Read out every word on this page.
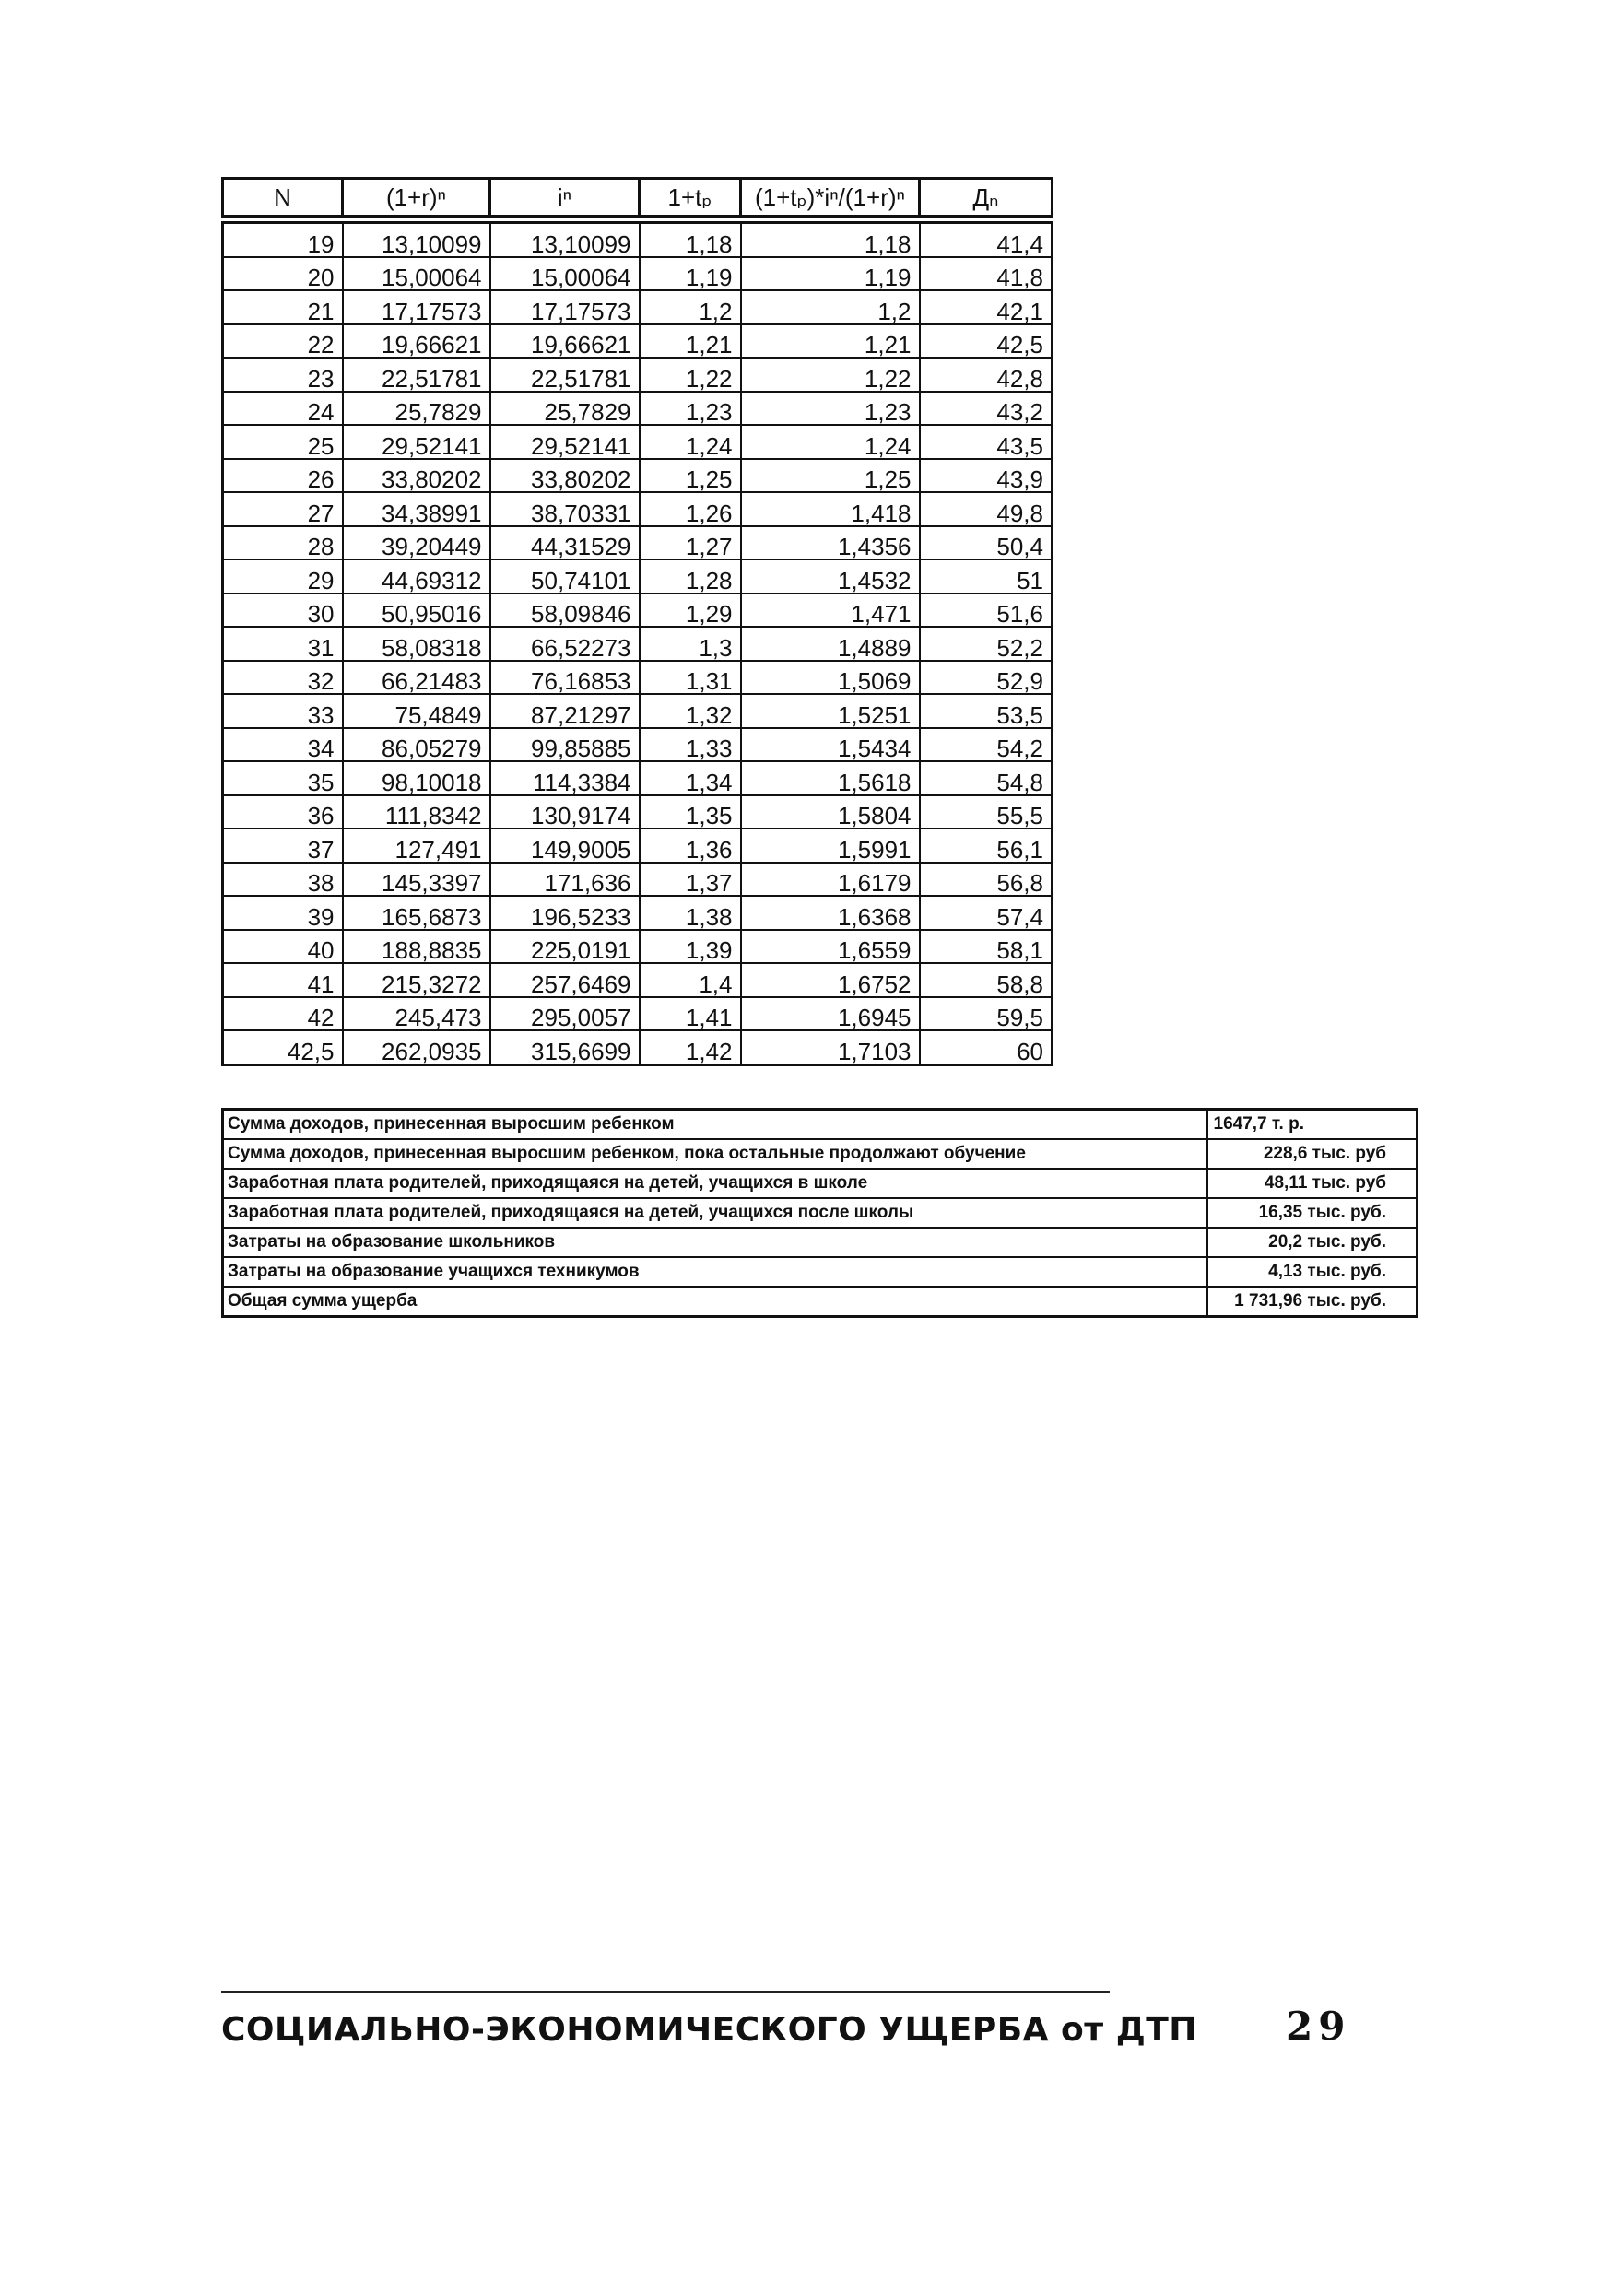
N	(1+r)ⁿ	iⁿ	1+tₚ	(1+tₚ)*iⁿ/(1+r)ⁿ	Дₙ
19	13,10099	13,10099	1,18	1,18	41,4
20	15,00064	15,00064	1,19	1,19	41,8
21	17,17573	17,17573	1,2	1,2	42,1
22	19,66621	19,66621	1,21	1,21	42,5
23	22,51781	22,51781	1,22	1,22	42,8
24	25,7829	25,7829	1,23	1,23	43,2
25	29,52141	29,52141	1,24	1,24	43,5
26	33,80202	33,80202	1,25	1,25	43,9
27	34,38991	38,70331	1,26	1,418	49,8
28	39,20449	44,31529	1,27	1,4356	50,4
29	44,69312	50,74101	1,28	1,4532	51
30	50,95016	58,09846	1,29	1,471	51,6
31	58,08318	66,52273	1,3	1,4889	52,2
32	66,21483	76,16853	1,31	1,5069	52,9
33	75,4849	87,21297	1,32	1,5251	53,5
34	86,05279	99,85885	1,33	1,5434	54,2
35	98,10018	114,3384	1,34	1,5618	54,8
36	111,8342	130,9174	1,35	1,5804	55,5
37	127,491	149,9005	1,36	1,5991	56,1
38	145,3397	171,636	1,37	1,6179	56,8
39	165,6873	196,5233	1,38	1,6368	57,4
40	188,8835	225,0191	1,39	1,6559	58,1
41	215,3272	257,6469	1,4	1,6752	58,8
42	245,473	295,0057	1,41	1,6945	59,5
42,5	262,0935	315,6699	1,42	1,7103	60
Сумма доходов, принесенная выросшим ребенком	1647,7 т. р.
Сумма доходов, принесенная выросшим ребенком, пока остальные продолжают обучение	228,6 тыс. руб
Заработная плата родителей, приходящаяся на детей, учащихся в школе	48,11 тыс. руб
Заработная плата родителей, приходящаяся на детей, учащихся после школы	16,35 тыс. руб.
Затраты на образование школьников	20,2 тыс. руб.
Затраты на образование учащихся техникумов	4,13 тыс. руб.
Общая сумма ущерба	1 731,96 тыс. руб.
СОЦИАЛЬНО-ЭКОНОМИЧЕСКОГО УЩЕРБА от ДТП 29
